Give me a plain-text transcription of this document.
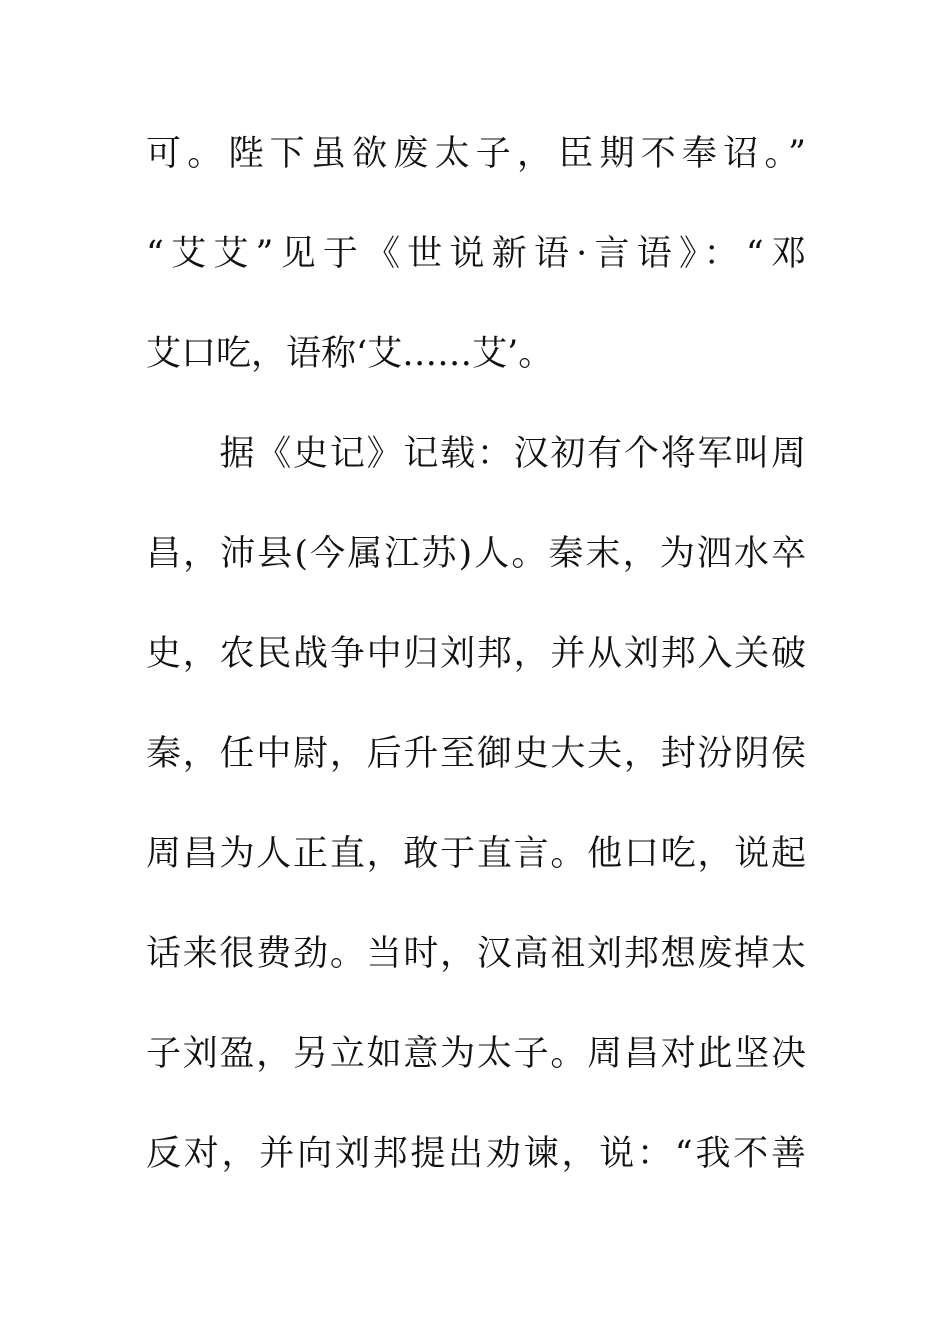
可。陛下虽欲废太子，臣期不奉诏。”
“艾艾”见于《世说新语·言语》：“邓
艾口吃，语称‘艾……艾’。
　　据《史记》记载：汉初有个将军叫周
昌，沛县(今属江苏)人。秦末，为泗水卒
史，农民战争中归刘邦，并从刘邦入关破
秦，任中尉，后升至御史大夫，封汾阴侯
周昌为人正直，敢于直言。他口吃，说起
话来很费劲。当时，汉高祖刘邦想废掉太
子刘盈，另立如意为太子。周昌对此坚决
反对，并向刘邦提出劝谏，说：“我不善
